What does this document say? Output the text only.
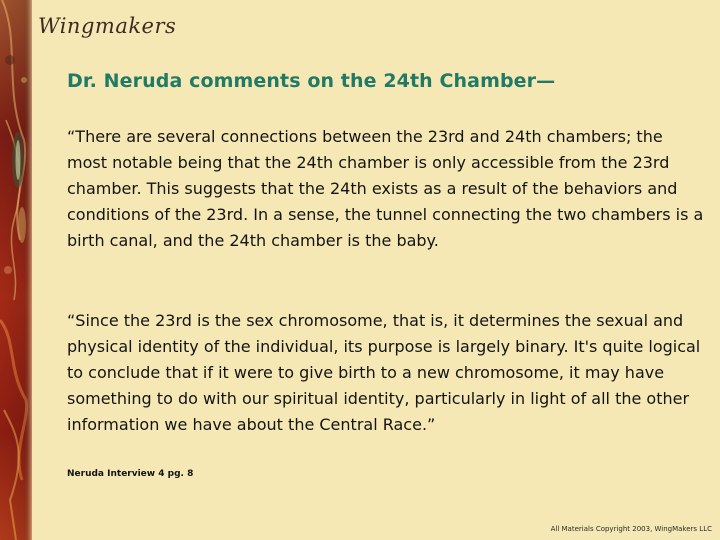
Wingmakers
Dr. Neruda comments on the 24th Chamber—

“There are several connections between the 23rd and 24th chambers; the most notable being that the 24th chamber is only accessible from the 23rd chamber. This suggests that the 24th exists as a result of the behaviors and conditions of the 23rd. In a sense, the tunnel connecting the two chambers is a birth canal, and the 24th chamber is the baby.

“Since the 23rd is the sex chromosome, that is, it determines the sexual and physical identity of the individual, its purpose is largely binary. It's quite logical to conclude that if it were to give birth to a new chromosome, it may have something to do with our spiritual identity, particularly in light of all the other information we have about the Central Race.”

Neruda Interview 4 pg. 8

All Materials Copyright 2003, WingMakers LLC
